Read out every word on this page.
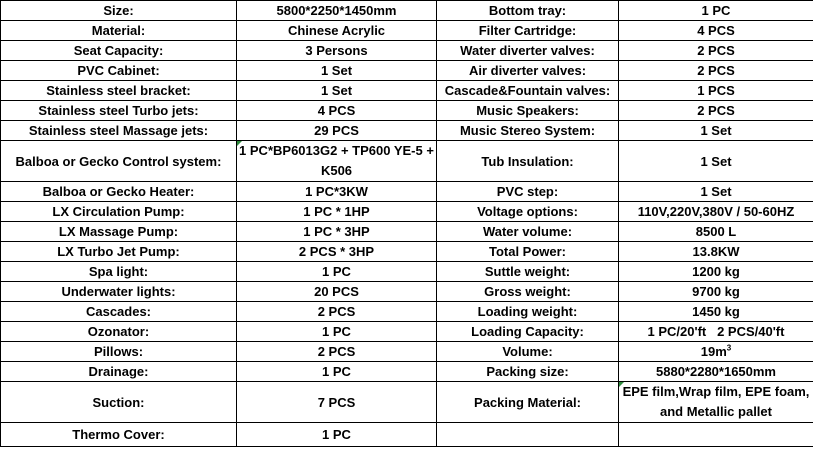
Size:	5800*2250*1450mm	Bottom tray:	1 PC
Material:	Chinese Acrylic	Filter Cartridge:	4 PCS
Seat Capacity:	3 Persons	Water diverter valves:	2 PCS
PVC Cabinet:	1 Set	Air diverter valves:	2 PCS
Stainless steel bracket:	1 Set	Cascade&Fountain valves:	1 PCS
Stainless steel Turbo jets:	4 PCS	Music Speakers:	2 PCS
Stainless steel Massage jets:	29 PCS	Music Stereo System:	1 Set
Balboa or Gecko Control system:	1 PC*BP6013G2 + TP600 YE-5 + K506	Tub Insulation:	1 Set
Balboa or Gecko Heater:	1 PC*3KW	PVC step:	1 Set
LX Circulation Pump:	1 PC * 1HP	Voltage options:	110V,220V,380V / 50-60HZ
LX Massage Pump:	1 PC * 3HP	Water volume:	8500 L
LX Turbo Jet Pump:	2 PCS * 3HP	Total Power:	13.8KW
Spa light:	1 PC	Suttle weight:	1200 kg
Underwater lights:	20 PCS	Gross weight:	9700 kg
Cascades:	2 PCS	Loading weight:	1450 kg
Ozonator:	1 PC	Loading Capacity:	1 PC/20'ft   2 PCS/40'ft
Pillows:	2 PCS	Volume:	$19m^3$
Drainage:	1 PC	Packing size:	5880*2280*1650mm
Suction:	7 PCS	Packing Material:	EPE film,Wrap film, EPE foam, and Metallic pallet
Thermo Cover:	1 PC		
